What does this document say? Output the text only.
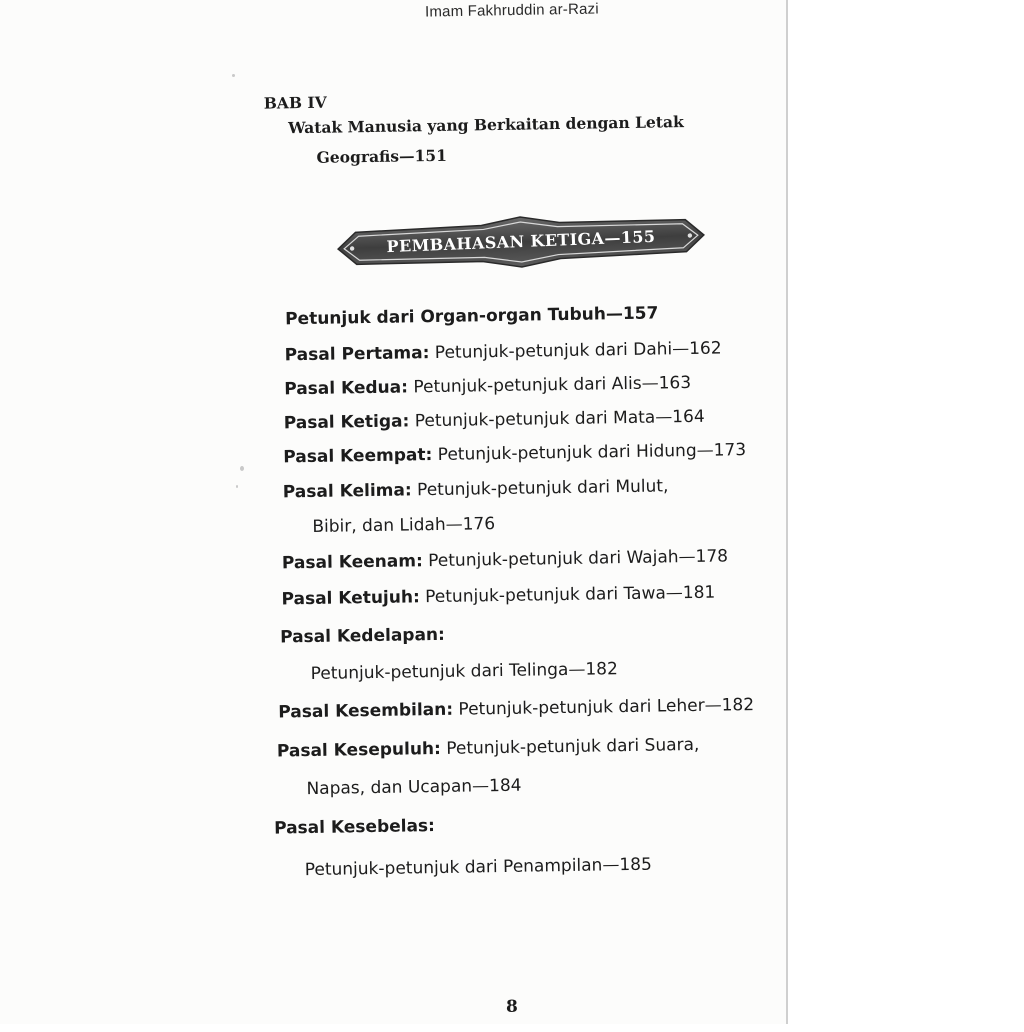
Imam Fakhruddin ar-Razi
BAB IV
Watak Manusia yang Berkaitan dengan Letak
Geografis—151
Petunjuk dari Organ-organ Tubuh—157
Pasal Pertama: Petunjuk-petunjuk dari Dahi—162
Pasal Kedua: Petunjuk-petunjuk dari Alis—163
Pasal Ketiga: Petunjuk-petunjuk dari Mata—164
Pasal Keempat: Petunjuk-petunjuk dari Hidung—173
Pasal Kelima: Petunjuk-petunjuk dari Mulut,
Bibir, dan Lidah—176
Pasal Keenam: Petunjuk-petunjuk dari Wajah—178
Pasal Ketujuh: Petunjuk-petunjuk dari Tawa—181
Pasal Kedelapan:
Petunjuk-petunjuk dari Telinga—182
Pasal Kesembilan: Petunjuk-petunjuk dari Leher—182
Pasal Kesepuluh: Petunjuk-petunjuk dari Suara,
Napas, dan Ucapan—184
Pasal Kesebelas:
Petunjuk-petunjuk dari Penampilan—185
PEMBAHASAN KETIGA—155
8
